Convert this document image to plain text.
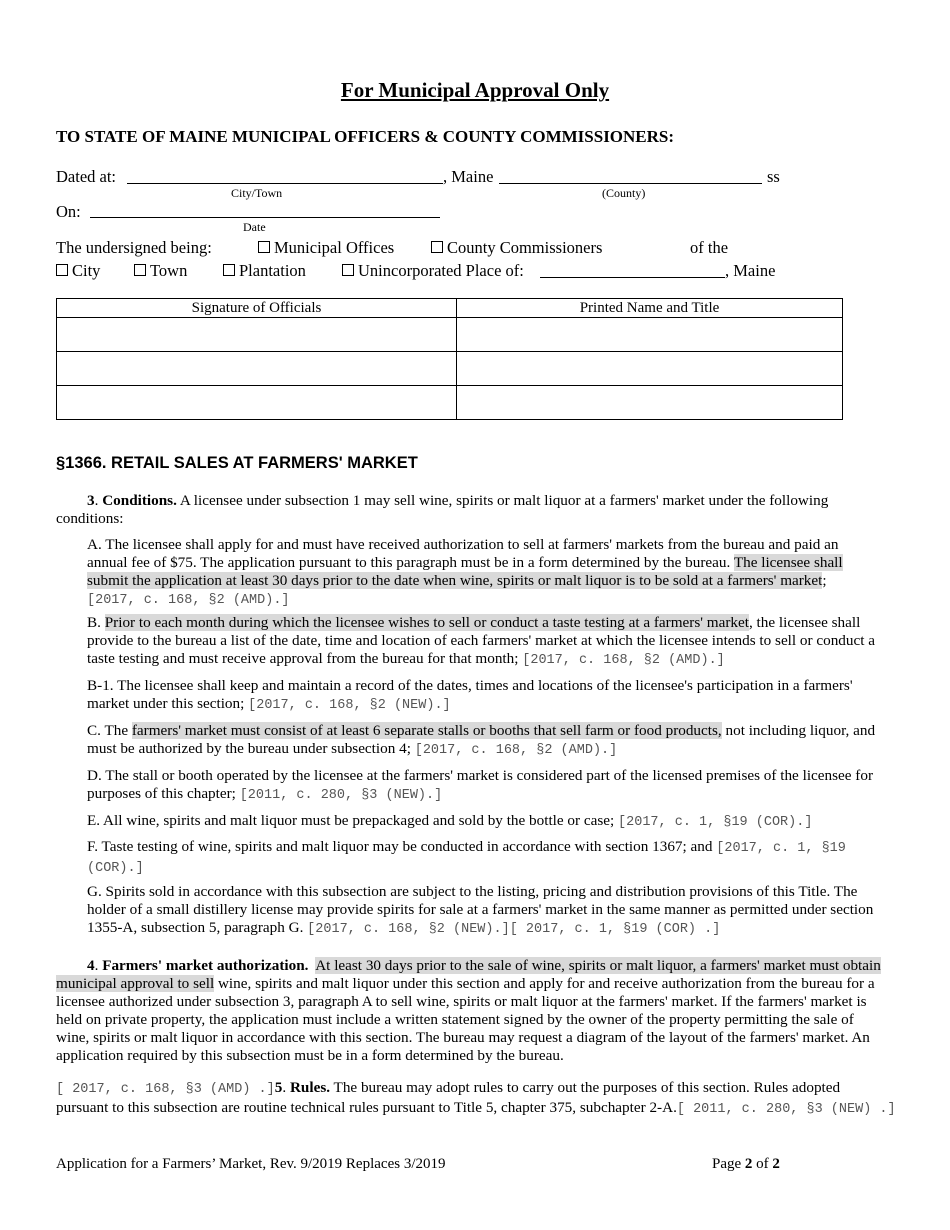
For Municipal Approval Only
TO STATE OF MAINE MUNICIPAL OFFICERS & COUNTY COMMISSIONERS:
Dated at:	, Maine	ss
City/Town	(County)
On:
Date
The undersigned being:	Municipal Offices	County Commissioners	of the
City	Town	Plantation	Unincorporated Place of:	, Maine
Signature of Officials	Printed Name and Title

§1366. RETAIL SALES AT FARMERS' MARKET
3. Conditions. A licensee under subsection 1 may sell wine, spirits or malt liquor at a farmers' market under the following conditions:
A. The licensee shall apply for and must have received authorization to sell at farmers' markets from the bureau and paid an annual fee of $75. The application pursuant to this paragraph must be in a form determined by the bureau. The licensee shall submit the application at least 30 days prior to the date when wine, spirits or malt liquor is to be sold at a farmers' market; [2017, c. 168, §2 (AMD).]
B. Prior to each month during which the licensee wishes to sell or conduct a taste testing at a farmers' market, the licensee shall provide to the bureau a list of the date, time and location of each farmers' market at which the licensee intends to sell or conduct a taste testing and must receive approval from the bureau for that month; [2017, c. 168, §2 (AMD).]
B-1. The licensee shall keep and maintain a record of the dates, times and locations of the licensee's participation in a farmers' market under this section; [2017, c. 168, §2 (NEW).]
C. The farmers' market must consist of at least 6 separate stalls or booths that sell farm or food products, not including liquor, and must be authorized by the bureau under subsection 4; [2017, c. 168, §2 (AMD).]
D. The stall or booth operated by the licensee at the farmers' market is considered part of the licensed premises of the licensee for purposes of this chapter; [2011, c. 280, §3 (NEW).]
E. All wine, spirits and malt liquor must be prepackaged and sold by the bottle or case; [2017, c. 1, §19 (COR).]
F. Taste testing of wine, spirits and malt liquor may be conducted in accordance with section 1367; and [2017, c. 1, §19 (COR).]
G. Spirits sold in accordance with this subsection are subject to the listing, pricing and distribution provisions of this Title. The holder of a small distillery license may provide spirits for sale at a farmers' market in the same manner as permitted under section 1355-A, subsection 5, paragraph G. [2017, c. 168, §2 (NEW).][ 2017, c. 1, §19 (COR) .]
4. Farmers' market authorization. At least 30 days prior to the sale of wine, spirits or malt liquor, a farmers' market must obtain municipal approval to sell wine, spirits and malt liquor under this section and apply for and receive authorization from the bureau for a licensee authorized under subsection 3, paragraph A to sell wine, spirits or malt liquor at the farmers' market. If the farmers' market is held on private property, the application must include a written statement signed by the owner of the property permitting the sale of wine, spirits or malt liquor in accordance with this section. The bureau may request a diagram of the layout of the farmers' market. An application required by this subsection must be in a form determined by the bureau.
[ 2017, c. 168, §3 (AMD) .]5. Rules. The bureau may adopt rules to carry out the purposes of this section. Rules adopted pursuant to this subsection are routine technical rules pursuant to Title 5, chapter 375, subchapter 2-A.[ 2011, c. 280, §3 (NEW) .]
Application for a Farmers’ Market, Rev. 9/2019 Replaces 3/2019	Page 2 of 2
